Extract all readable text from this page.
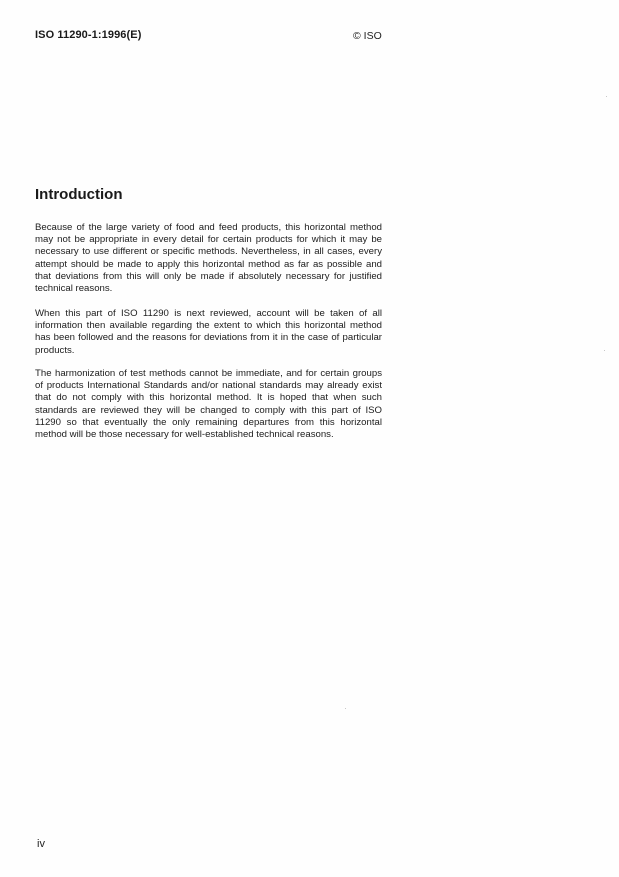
ISO 11290-1:1996(E)	© ISO
Introduction

Because of the large variety of food and feed products, this horizontal method may not be appropriate in every detail for certain products for which it may be necessary to use different or specific methods. Nevertheless, in all cases, every attempt should be made to apply this horizontal method as far as possible and that deviations from this will only be made if absolutely necessary for justified technical reasons.

When this part of ISO 11290 is next reviewed, account will be taken of all information then available regarding the extent to which this horizontal method has been followed and the reasons for deviations from it in the case of particular products.

The harmonization of test methods cannot be immediate, and for certain groups of products International Standards and/or national standards may already exist that do not comply with this horizontal method. It is hoped that when such standards are reviewed they will be changed to comply with this part of ISO 11290 so that eventually the only remaining departures from this horizontal method will be those necessary for well-established technical reasons.

iv
